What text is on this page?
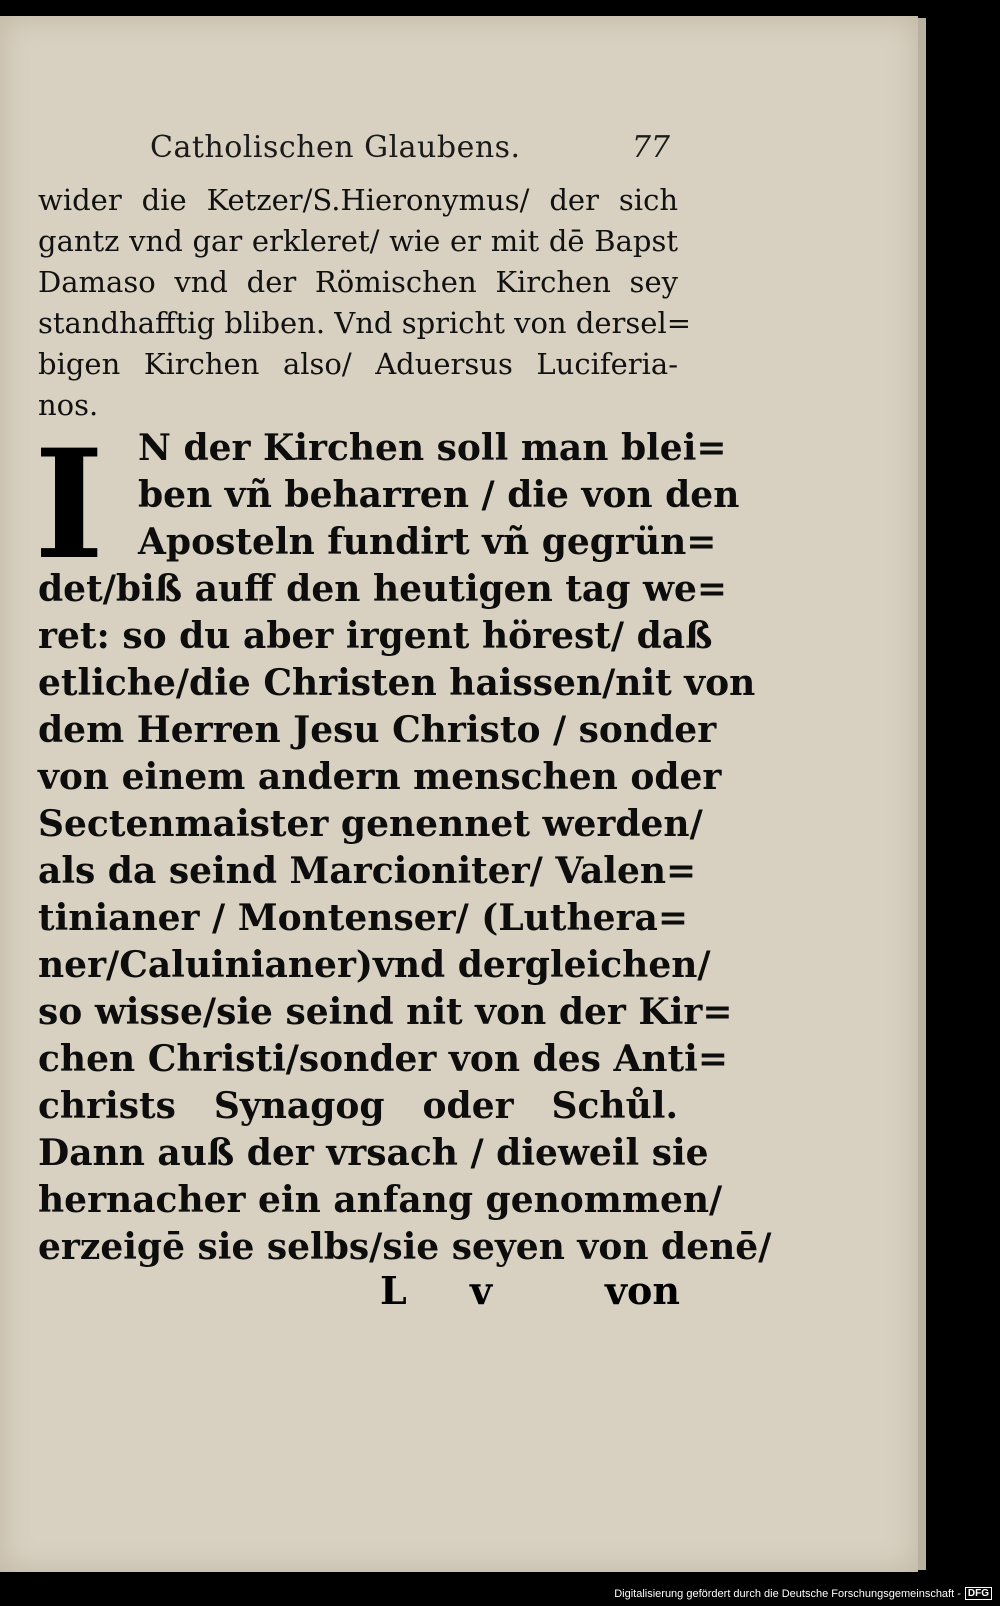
Catholischen Glaubens.	77
wider die Ketzer/S.Hieronymus/ der sich
gantz vnd gar erkleret/ wie er mit dē Bapst
Damaso vnd der Römischen Kirchen sey
standhafftig bliben. Vnd spricht von dersel=
bigen Kirchen also/ Aduersus Luciferia-
nos.
I N der Kirchen soll man blei=
ben vñ beharren / die von den
Aposteln fundirt vñ gegrün=
det/biß auff den heutigen tag we=
ret: so du aber irgent hörest/ daß
etliche/die Christen haissen/nit von
dem Herren Jesu Christo / sonder
von einem andern menschen oder
Sectenmaister genennet werden/
als da seind Marcioniter/ Valen=
tinianer / Montenser/ (Luthera=
ner/Caluinianer)vnd dergleichen/
so wisse/sie seind nit von der Kir=
chen Christi/sonder von des Anti=
christs Synagog oder Schůl.
Dann auß der vrsach / dieweil sie
hernacher ein anfang genommen/
erzeigē sie selbs/sie seyen von denē/
L v	von
Digitalisierung gefördert durch die Deutsche Forschungsgemeinschaft - DFG
